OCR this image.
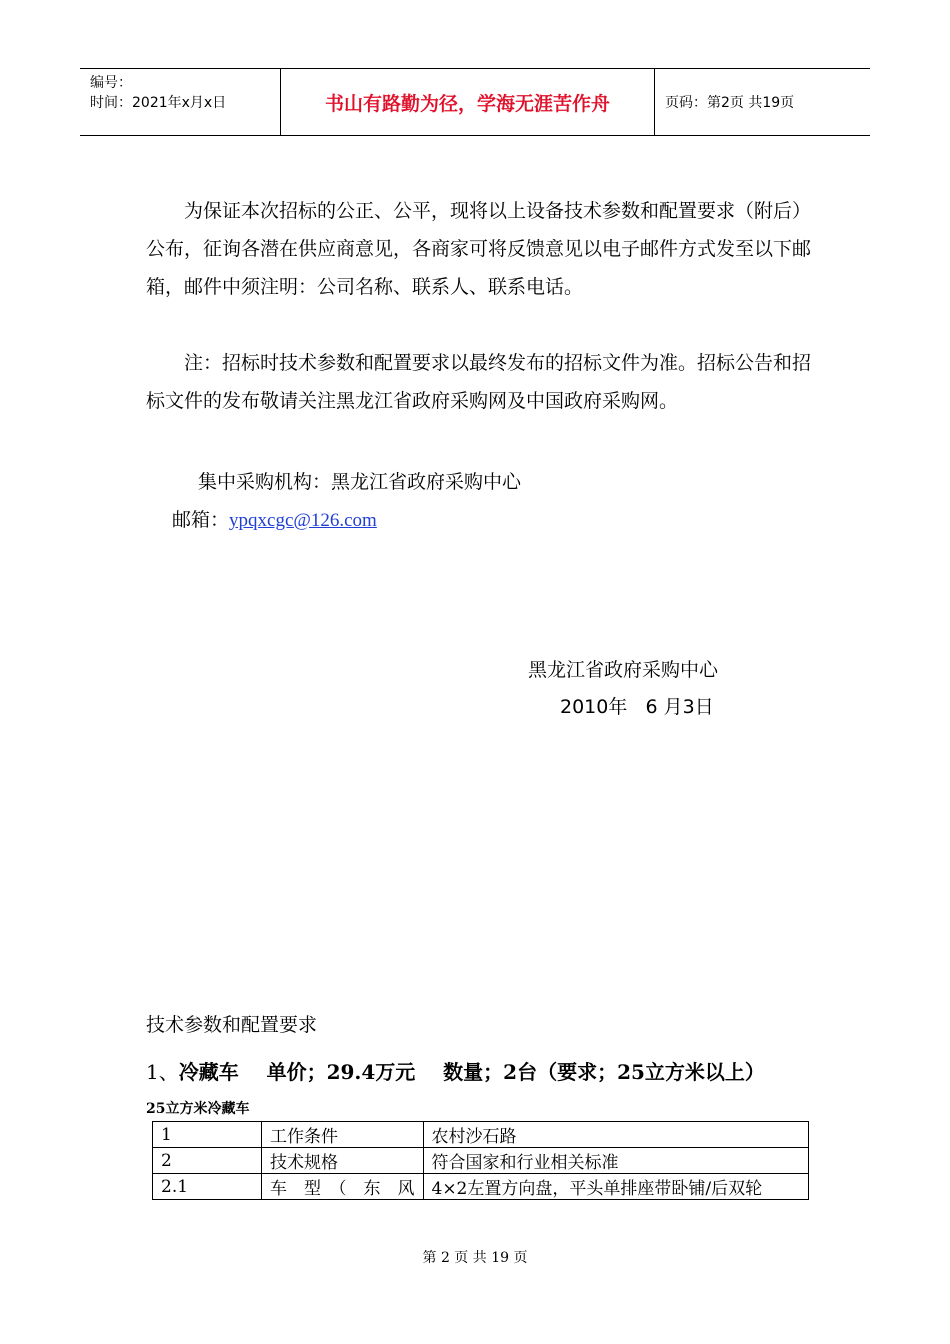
编号：
时间：2021年x月x日	书山有路勤为径，学海无涯苦作舟	页码：第2页 共19页

为保证本次招标的公正、公平，现将以上设备技术参数和配置要求（附后）公布，征询各潜在供应商意见，各商家可将反馈意见以电子邮件方式发至以下邮箱，邮件中须注明：公司名称、联系人、联系电话。

注：招标时技术参数和配置要求以最终发布的招标文件为准。招标公告和招标文件的发布敬请关注黑龙江省政府采购网及中国政府采购网。

集中采购机构：黑龙江省政府采购中心
邮箱：ypqxcgc@126.com
黑龙江省政府采购中心
2010年   6 月3日
技术参数和配置要求
1、冷藏车    单价；29.4万元    数量；2台（要求；25立方米以上）
25立方米冷藏车
1	工作条件	农村沙石路
2	技术规格	符合国家和行业相关标准
2.1	车　型　（　东　风	4×2左置方向盘，平头单排座带卧铺/后双轮
第 2 页 共 19 页
